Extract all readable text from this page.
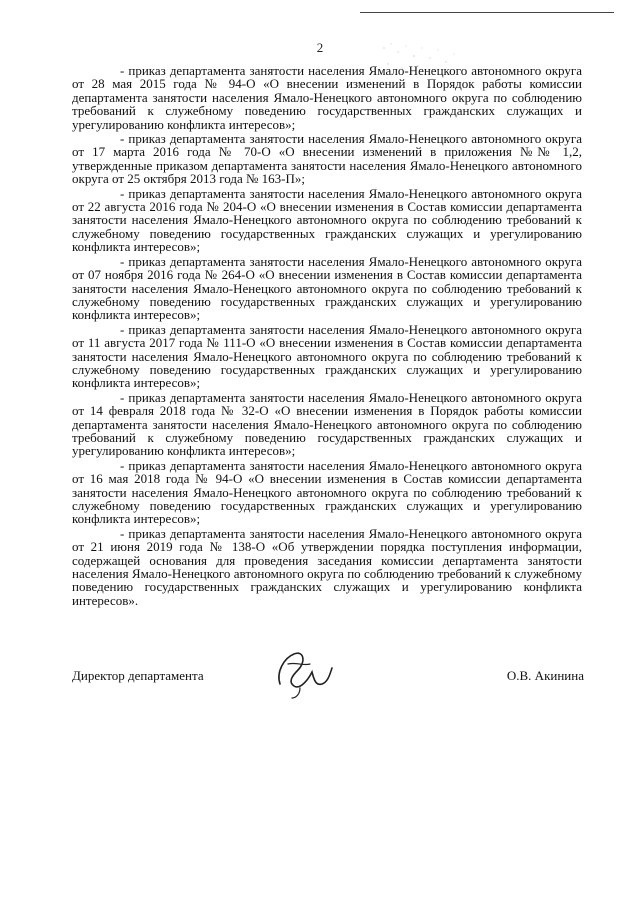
2

- приказ департамента занятости населения Ямало-Ненецкого автономного округа от 28 мая 2015 года № 94-О «О внесении изменений в Порядок работы комиссии департамента занятости населения Ямало-Ненецкого автономного округа по соблюдению требований к служебному поведению государственных гражданских служащих и урегулированию конфликта интересов»;

- приказ департамента занятости населения Ямало-Ненецкого автономного округа от 17 марта 2016 года № 70-О «О внесении изменений в приложения №№ 1,2, утвержденные приказом департамента занятости населения Ямало-Ненецкого автономного округа от 25 октября 2013 года № 163-П»;

- приказ департамента занятости населения Ямало-Ненецкого автономного округа от 22 августа 2016 года № 204-О «О внесении изменения в Состав комиссии департамента занятости населения Ямало-Ненецкого автономного округа по соблюдению требований к служебному поведению государственных гражданских служащих и урегулированию конфликта интересов»;

- приказ департамента занятости населения Ямало-Ненецкого автономного округа от 07 ноября 2016 года № 264-О «О внесении изменения в Состав комиссии департамента занятости населения Ямало-Ненецкого автономного округа по соблюдению требований к служебному поведению государственных гражданских служащих и урегулированию конфликта интересов»;

- приказ департамента занятости населения Ямало-Ненецкого автономного округа от 11 августа 2017 года № 111-О «О внесении изменения в Состав комиссии департамента занятости населения Ямало-Ненецкого автономного округа по соблюдению требований к служебному поведению государственных гражданских служащих и урегулированию конфликта интересов»;

- приказ департамента занятости населения Ямало-Ненецкого автономного округа от 14 февраля 2018 года № 32-О «О внесении изменения в Порядок работы комиссии департамента занятости населения Ямало-Ненецкого автономного округа по соблюдению требований к служебному поведению государственных гражданских служащих и урегулированию конфликта интересов»;

- приказ департамента занятости населения Ямало-Ненецкого автономного округа от 16 мая 2018 года № 94-О «О внесении изменения в Состав комиссии департамента занятости населения Ямало-Ненецкого автономного округа по соблюдению требований к служебному поведению государственных гражданских служащих и урегулированию конфликта интересов»;

- приказ департамента занятости населения Ямало-Ненецкого автономного округа от 21 июня 2019 года № 138-О «Об утверждении порядка поступления информации, содержащей основания для проведения заседания комиссии департамента занятости населения Ямало-Ненецкого автономного округа по соблюдению требований к служебному поведению государственных гражданских служащих и урегулированию конфликта интересов».

Директор департамента	О.В. Акинина
